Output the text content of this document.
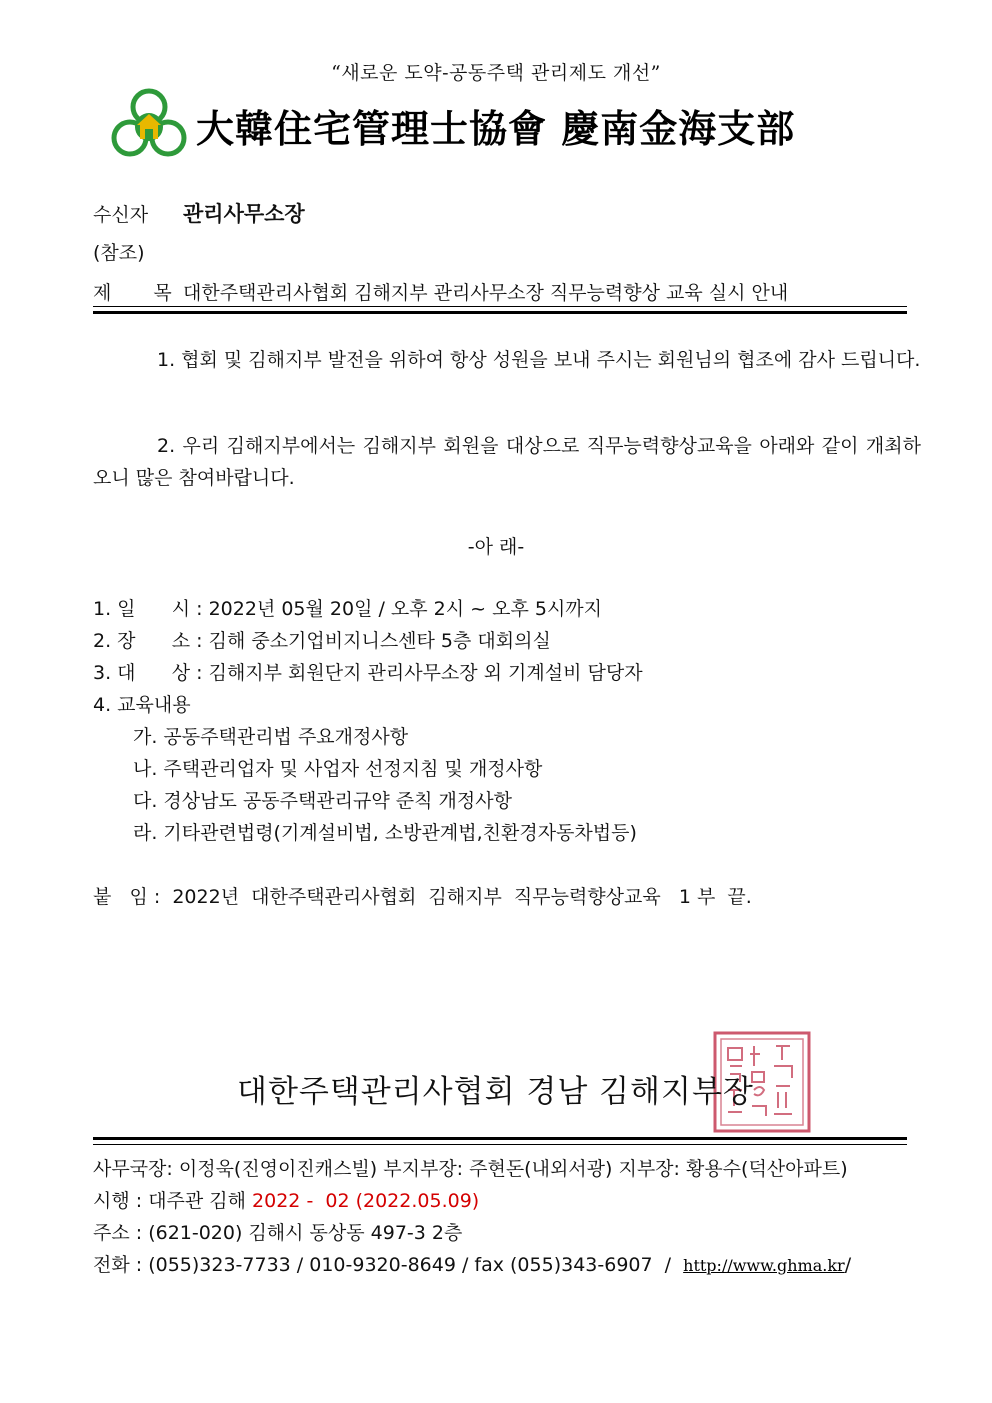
“새로운 도약-공동주택 관리제도 개선”
大韓住宅管理士協會 慶南金海支部
수신자 관리사무소장
(참조)
제 목
대한주택관리사협회 김해지부 관리사무소장 직무능력향상 교육 실시 안내
1. 협회 및 김해지부 발전을 위하여 항상 성원을 보내 주시는 회원님의 협조에 감사 드립니다.
2. 우리 김해지부에서는 김해지부 회원을 대상으로 직무능력향상교육을 아래와 같이 개최하오니 많은 참여바랍니다.
-아 래-
1. 일      시 : 2022년 05월 20일 / 오후 2시 ~ 오후 5시까지
2. 장      소 : 김해 중소기업비지니스센타 5층 대회의실
3. 대      상 : 김해지부 회원단지 관리사무소장 외 기계설비 담당자
4. 교육내용
가. 공동주택관리법 주요개정사항
나. 주택관리업자 및 사업자 선정지침 및 개정사항
다. 경상남도 공동주택관리규약 준칙 개정사항
라. 기타관련법령(기계설비법, 소방관계법,친환경자동차법등)
붙   임 :  2022년  대한주택관리사협회  김해지부  직무능력향상교육   1 부  끝.
대한주택관리사협회 경남 김해지부장
사무국장: 이정욱(진영이진캐스빌) 부지부장: 주현돈(내외서광) 지부장: 황용수(덕산아파트)
시행 : 대주관 김해 2022 -  02 (2022.05.09)
주소 : (621-020) 김해시 동상동 497-3 2층
전화 : (055)323-7733 / 010-9320-8649 / fax (055)343-6907  /  http://www.ghma.kr/
